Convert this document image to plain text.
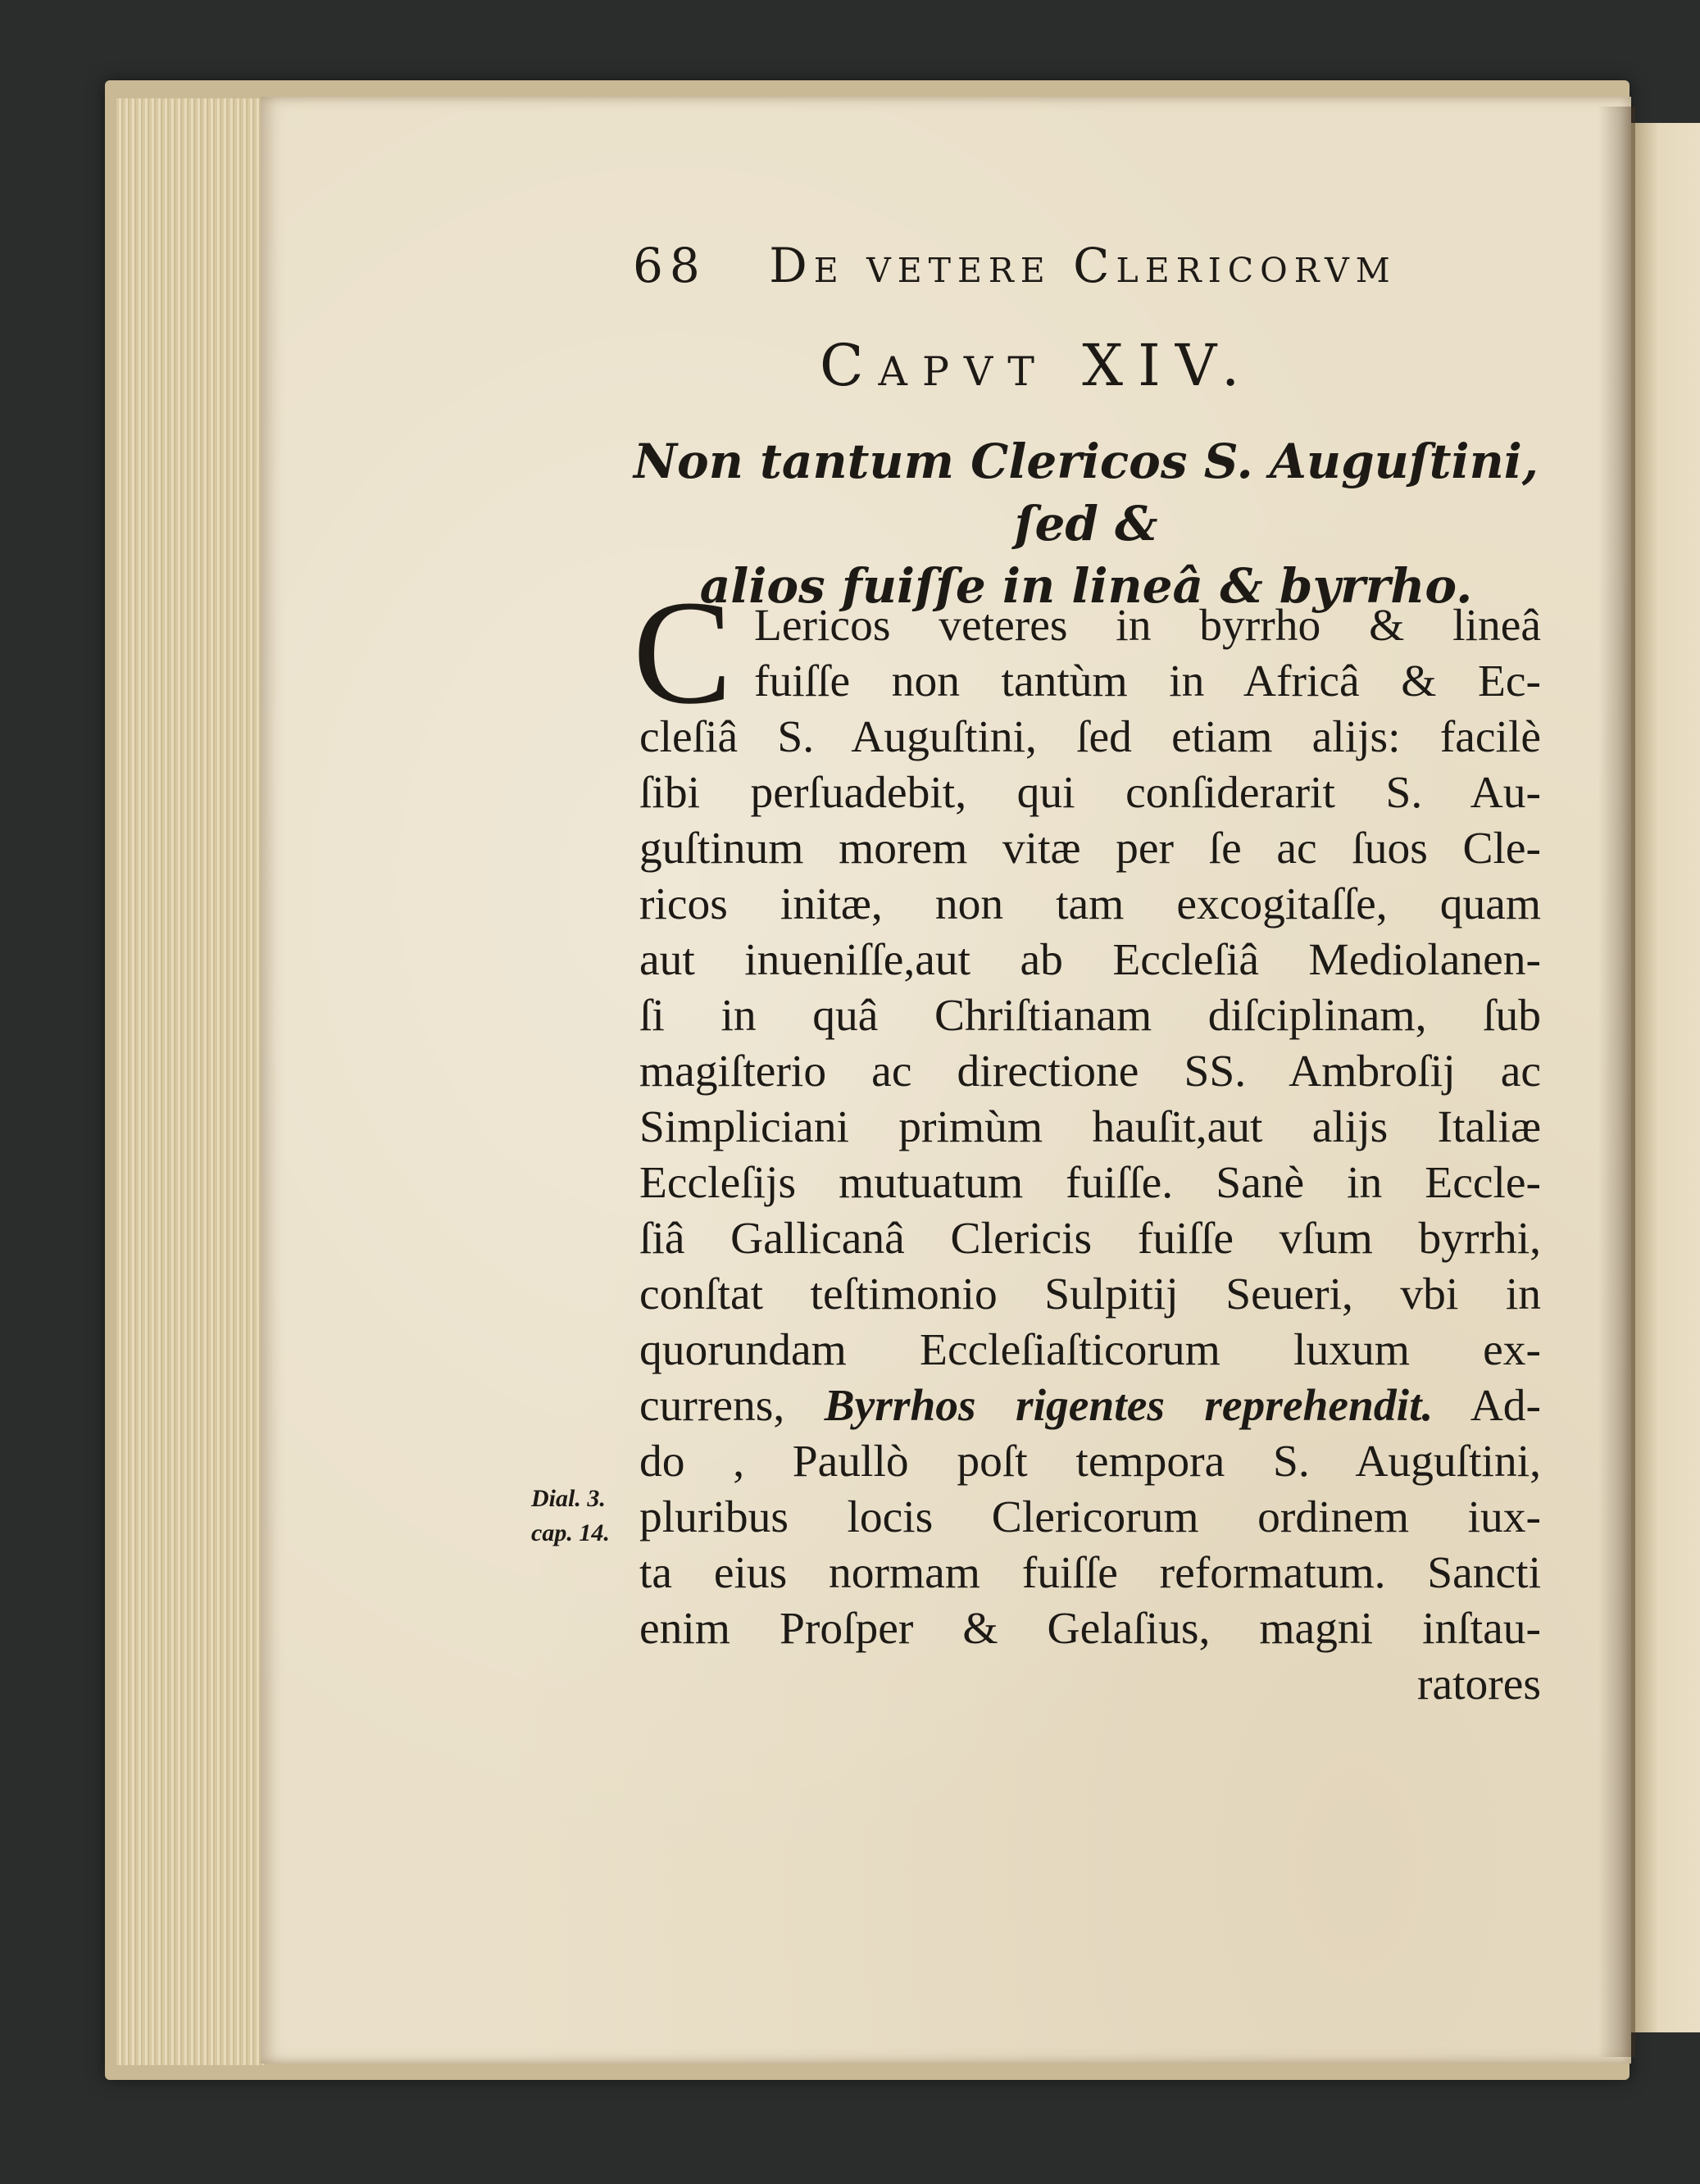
68 De vetere Clericorvm
Capvt XIV.
Non tantum Clericos S. Auguſtini, ſed &
alios fuiſſe in lineâ & byrrho.
C Lericos veteres in byrrho & lineâ
fuiſſe non tantùm in Africâ & Ec-
cleſiâ S. Auguſtini, ſed etiam alijs: facilè
ſibi perſuadebit, qui conſiderarit S. Au-
guſtinum morem vitæ per ſe ac ſuos Cle-
ricos initæ, non tam excogitaſſe, quam
aut inueniſſe,aut ab Eccleſiâ Mediolanen-
ſi in quâ Chriſtianam diſciplinam, ſub
magiſterio ac directione SS. Ambroſij ac
Simpliciani primùm hauſit,aut alijs Italiæ
Eccleſijs mutuatum fuiſſe. Sanè in Eccle-
ſiâ Gallicanâ Clericis fuiſſe vſum byrrhi,
conſtat teſtimonio Sulpitij Seueri, vbi in
quorundam Eccleſiaſticorum luxum ex-
currens, Byrrhos rigentes reprehendit. Ad-
do , Paullò poſt tempora S. Auguſtini,
pluribus locis Clericorum ordinem iux-
ta eius normam fuiſſe reformatum. Sancti
enim Proſper & Gelaſius, magni inſtau-
ratores
Dial. 3.
cap. 14.
